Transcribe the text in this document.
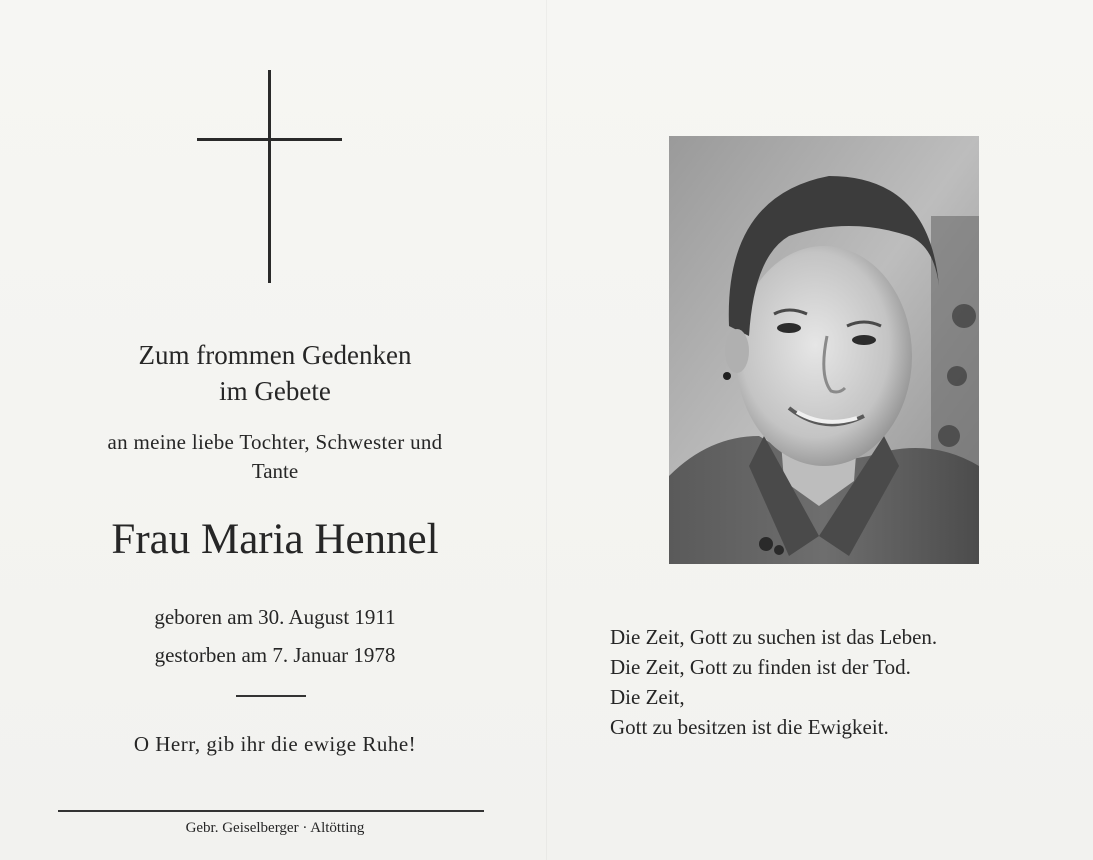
Zum frommen Gedenken
im Gebete
an meine liebe Tochter, Schwester und
Tante
Frau Maria Hennel
geboren am 30. August 1911
gestorben am 7. Januar 1978
O Herr, gib ihr die ewige Ruhe!
Gebr. Geiselberger · Altötting
Die Zeit, Gott zu suchen ist das Leben.
Die Zeit, Gott zu finden ist der Tod.
Die Zeit,
Gott zu besitzen ist die Ewigkeit.
